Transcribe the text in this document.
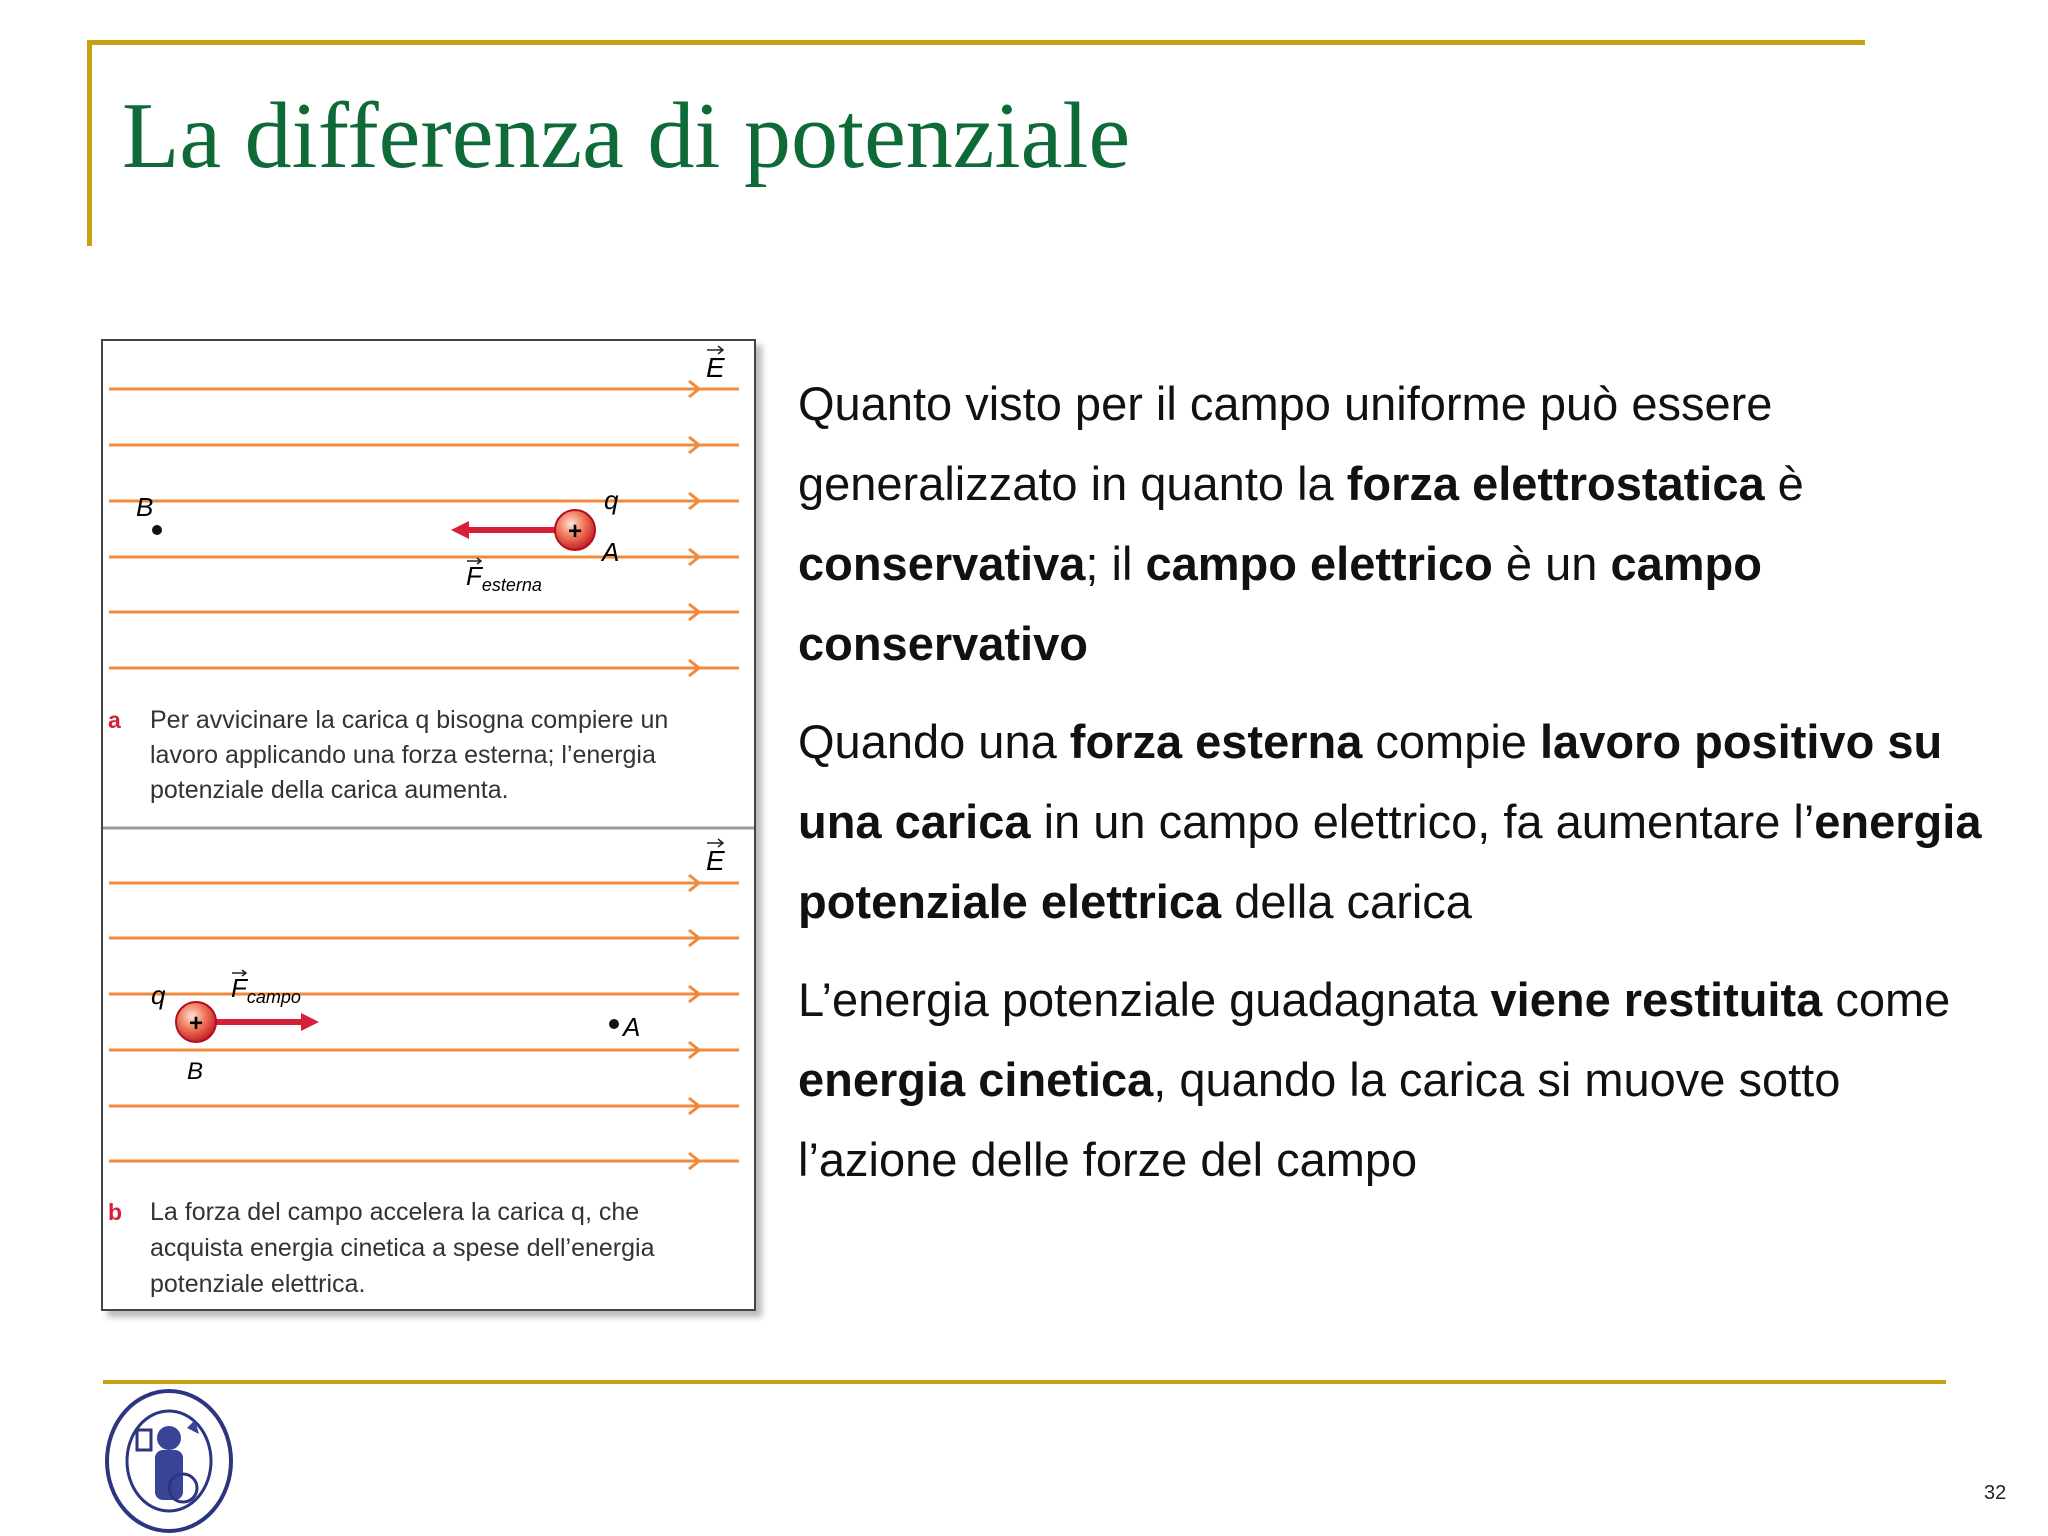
La differenza di potenziale
E
B
+
q
A
$F_{esterna}$
a Per avvicinare la carica q bisogna compiere un
lavoro applicando una forza esterna; l’energia
potenziale della carica aumenta.
E
q
+
$F_{campo}$
B
A
b La forza del campo accelera la carica q, che
acquista energia cinetica a spese dell’energia
potenziale elettrica.

Quanto visto per il campo uniforme può essere generalizzato in quanto la forza elettrostatica è conservativa; il campo elettrico è un campo conservativo

Quando una forza esterna compie lavoro positivo su una carica in un campo elettrico, fa aumentare l’energia potenziale elettrica della carica

L’energia potenziale guadagnata viene restituita come energia cinetica, quando la carica si muove sotto l’azione delle forze del campo

32
